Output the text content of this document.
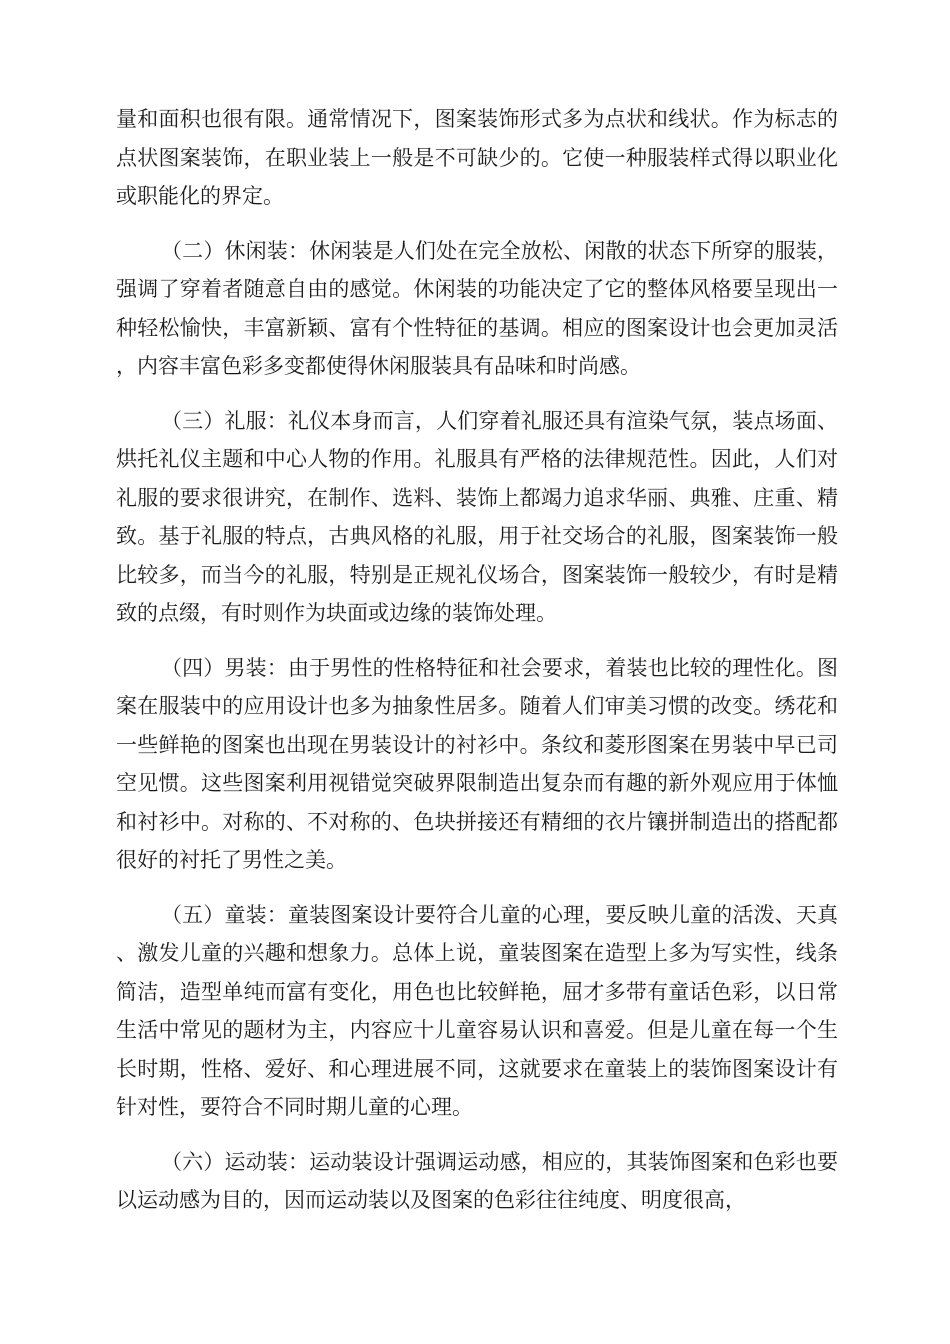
量和面积也很有限。通常情况下，图案装饰形式多为点状和线状。作为标志的点状图案装饰，在职业装上一般是不可缺少的。它使一种服装样式得以职业化或职能化的界定。

（二）休闲装：休闲装是人们处在完全放松、闲散的状态下所穿的服装，强调了穿着者随意自由的感觉。休闲装的功能决定了它的整体风格要呈现出一种轻松愉快，丰富新颖、富有个性特征的基调。相应的图案设计也会更加灵活，内容丰富色彩多变都使得休闲服装具有品味和时尚感。

（三）礼服：礼仪本身而言，人们穿着礼服还具有渲染气氛，装点场面、烘托礼仪主题和中心人物的作用。礼服具有严格的法律规范性。因此，人们对礼服的要求很讲究，在制作、选料、装饰上都竭力追求华丽、典雅、庄重、精致。基于礼服的特点，古典风格的礼服，用于社交场合的礼服，图案装饰一般比较多，而当今的礼服，特别是正规礼仪场合，图案装饰一般较少，有时是精致的点缀，有时则作为块面或边缘的装饰处理。

（四）男装：由于男性的性格特征和社会要求，着装也比较的理性化。图案在服装中的应用设计也多为抽象性居多。随着人们审美习惯的改变。绣花和一些鲜艳的图案也出现在男装设计的衬衫中。条纹和菱形图案在男装中早已司空见惯。这些图案利用视错觉突破界限制造出复杂而有趣的新外观应用于体恤和衬衫中。对称的、不对称的、色块拼接还有精细的衣片镶拼制造出的搭配都很好的衬托了男性之美。

（五）童装：童装图案设计要符合儿童的心理，要反映儿童的活泼、天真、激发儿童的兴趣和想象力。总体上说，童装图案在造型上多为写实性，线条简洁，造型单纯而富有变化，用色也比较鲜艳，屈才多带有童话色彩，以日常生活中常见的题材为主，内容应十儿童容易认识和喜爱。但是儿童在每一个生长时期，性格、爱好、和心理进展不同，这就要求在童装上的装饰图案设计有针对性，要符合不同时期儿童的心理。

（六）运动装：运动装设计强调运动感，相应的，其装饰图案和色彩也要以运动感为目的，因而运动装以及图案的色彩往往纯度、明度很高，
